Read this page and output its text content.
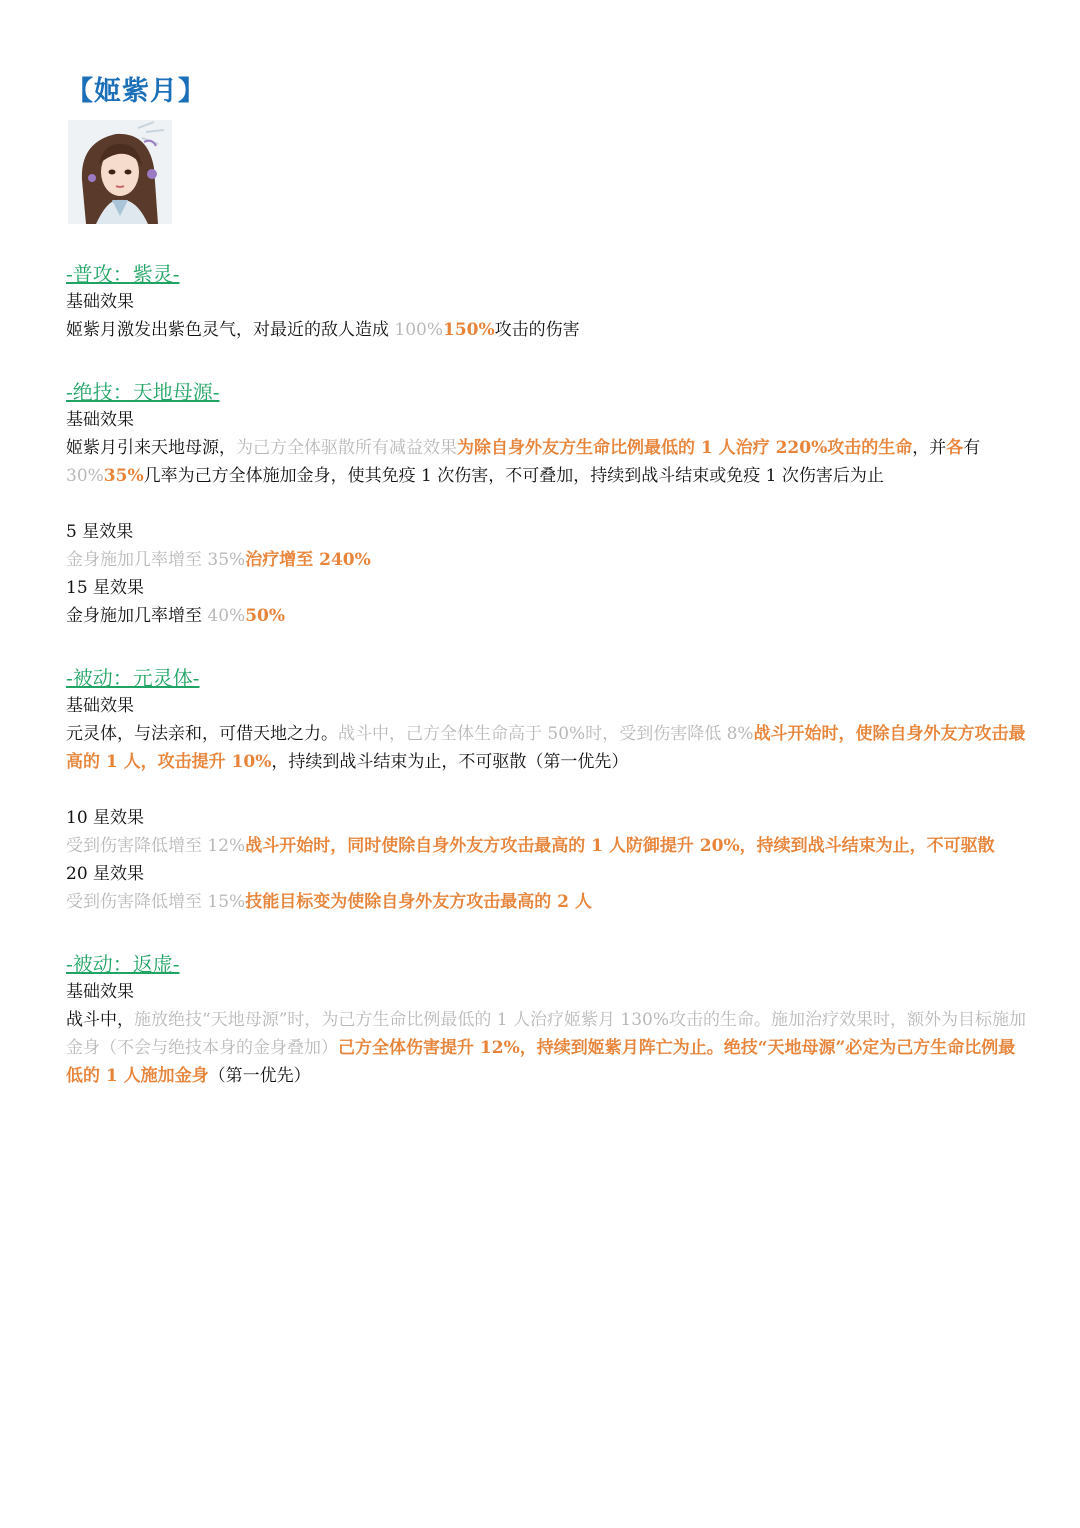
【姬紫月】
-普攻：紫灵-
基础效果
姬紫月激发出紫色灵气，对最近的敌人造成 100%150%攻击的伤害
-绝技：天地母源-
基础效果
姬紫月引来天地母源，为己方全体驱散所有减益效果为除自身外友方生命比例最低的 1 人治疗 220%攻击的生命，并各有 30%35%几率为己方全体施加金身，使其免疫 1 次伤害，不可叠加，持续到战斗结束或免疫 1 次伤害后为止
5 星效果
金身施加几率增至 35%治疗增至 240%
15 星效果
金身施加几率增至 40%50%
-被动：元灵体-
基础效果
元灵体，与法亲和，可借天地之力。战斗中，己方全体生命高于 50%时，受到伤害降低 8%战斗开始时，使除自身外友方攻击最高的 1 人，攻击提升 10%，持续到战斗结束为止，不可驱散（第一优先）
10 星效果
受到伤害降低增至 12%战斗开始时，同时使除自身外友方攻击最高的 1 人防御提升 20%，持续到战斗结束为止，不可驱散
20 星效果
受到伤害降低增至 15%技能目标变为使除自身外友方攻击最高的 2 人
-被动：返虚-
基础效果
战斗中，施放绝技“天地母源”时，为己方生命比例最低的 1 人治疗姬紫月 130%攻击的生命。施加治疗效果时，额外为目标施加金身（不会与绝技本身的金身叠加）己方全体伤害提升 12%，持续到姬紫月阵亡为止。绝技“天地母源”必定为己方生命比例最低的 1 人施加金身（第一优先）
